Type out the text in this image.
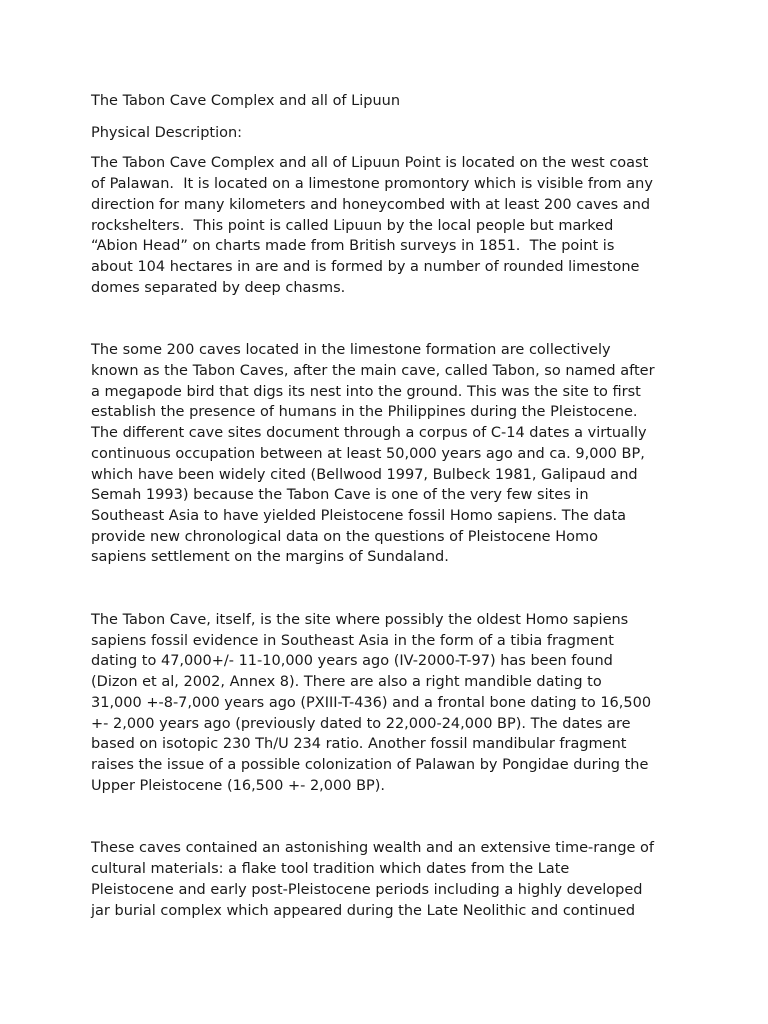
The Tabon Cave Complex and all of Lipuun

Physical Description:

The Tabon Cave Complex and all of Lipuun Point is located on the west coast
of Palawan.  It is located on a limestone promontory which is visible from any
direction for many kilometers and honeycombed with at least 200 caves and
rockshelters.  This point is called Lipuun by the local people but marked
“Abion Head” on charts made from British surveys in 1851.  The point is
about 104 hectares in are and is formed by a number of rounded limestone
domes separated by deep chasms.
The some 200 caves located in the limestone formation are collectively
known as the Tabon Caves, after the main cave, called Tabon, so named after
a megapode bird that digs its nest into the ground. This was the site to first
establish the presence of humans in the Philippines during the Pleistocene.
The different cave sites document through a corpus of C-14 dates a virtually
continuous occupation between at least 50,000 years ago and ca. 9,000 BP,
which have been widely cited (Bellwood 1997, Bulbeck 1981, Galipaud and
Semah 1993) because the Tabon Cave is one of the very few sites in
Southeast Asia to have yielded Pleistocene fossil Homo sapiens. The data
provide new chronological data on the questions of Pleistocene Homo
sapiens settlement on the margins of Sundaland.
The Tabon Cave, itself, is the site where possibly the oldest Homo sapiens
sapiens fossil evidence in Southeast Asia in the form of a tibia fragment
dating to 47,000+/- 11-10,000 years ago (IV-2000-T-97) has been found
(Dizon et al, 2002, Annex 8). There are also a right mandible dating to
31,000 +-8-7,000 years ago (PXIII-T-436) and a frontal bone dating to 16,500
+- 2,000 years ago (previously dated to 22,000-24,000 BP). The dates are
based on isotopic 230 Th/U 234 ratio. Another fossil mandibular fragment
raises the issue of a possible colonization of Palawan by Pongidae during the
Upper Pleistocene (16,500 +- 2,000 BP).
These caves contained an astonishing wealth and an extensive time-range of
cultural materials: a flake tool tradition which dates from the Late
Pleistocene and early post-Pleistocene periods including a highly developed
jar burial complex which appeared during the Late Neolithic and continued
